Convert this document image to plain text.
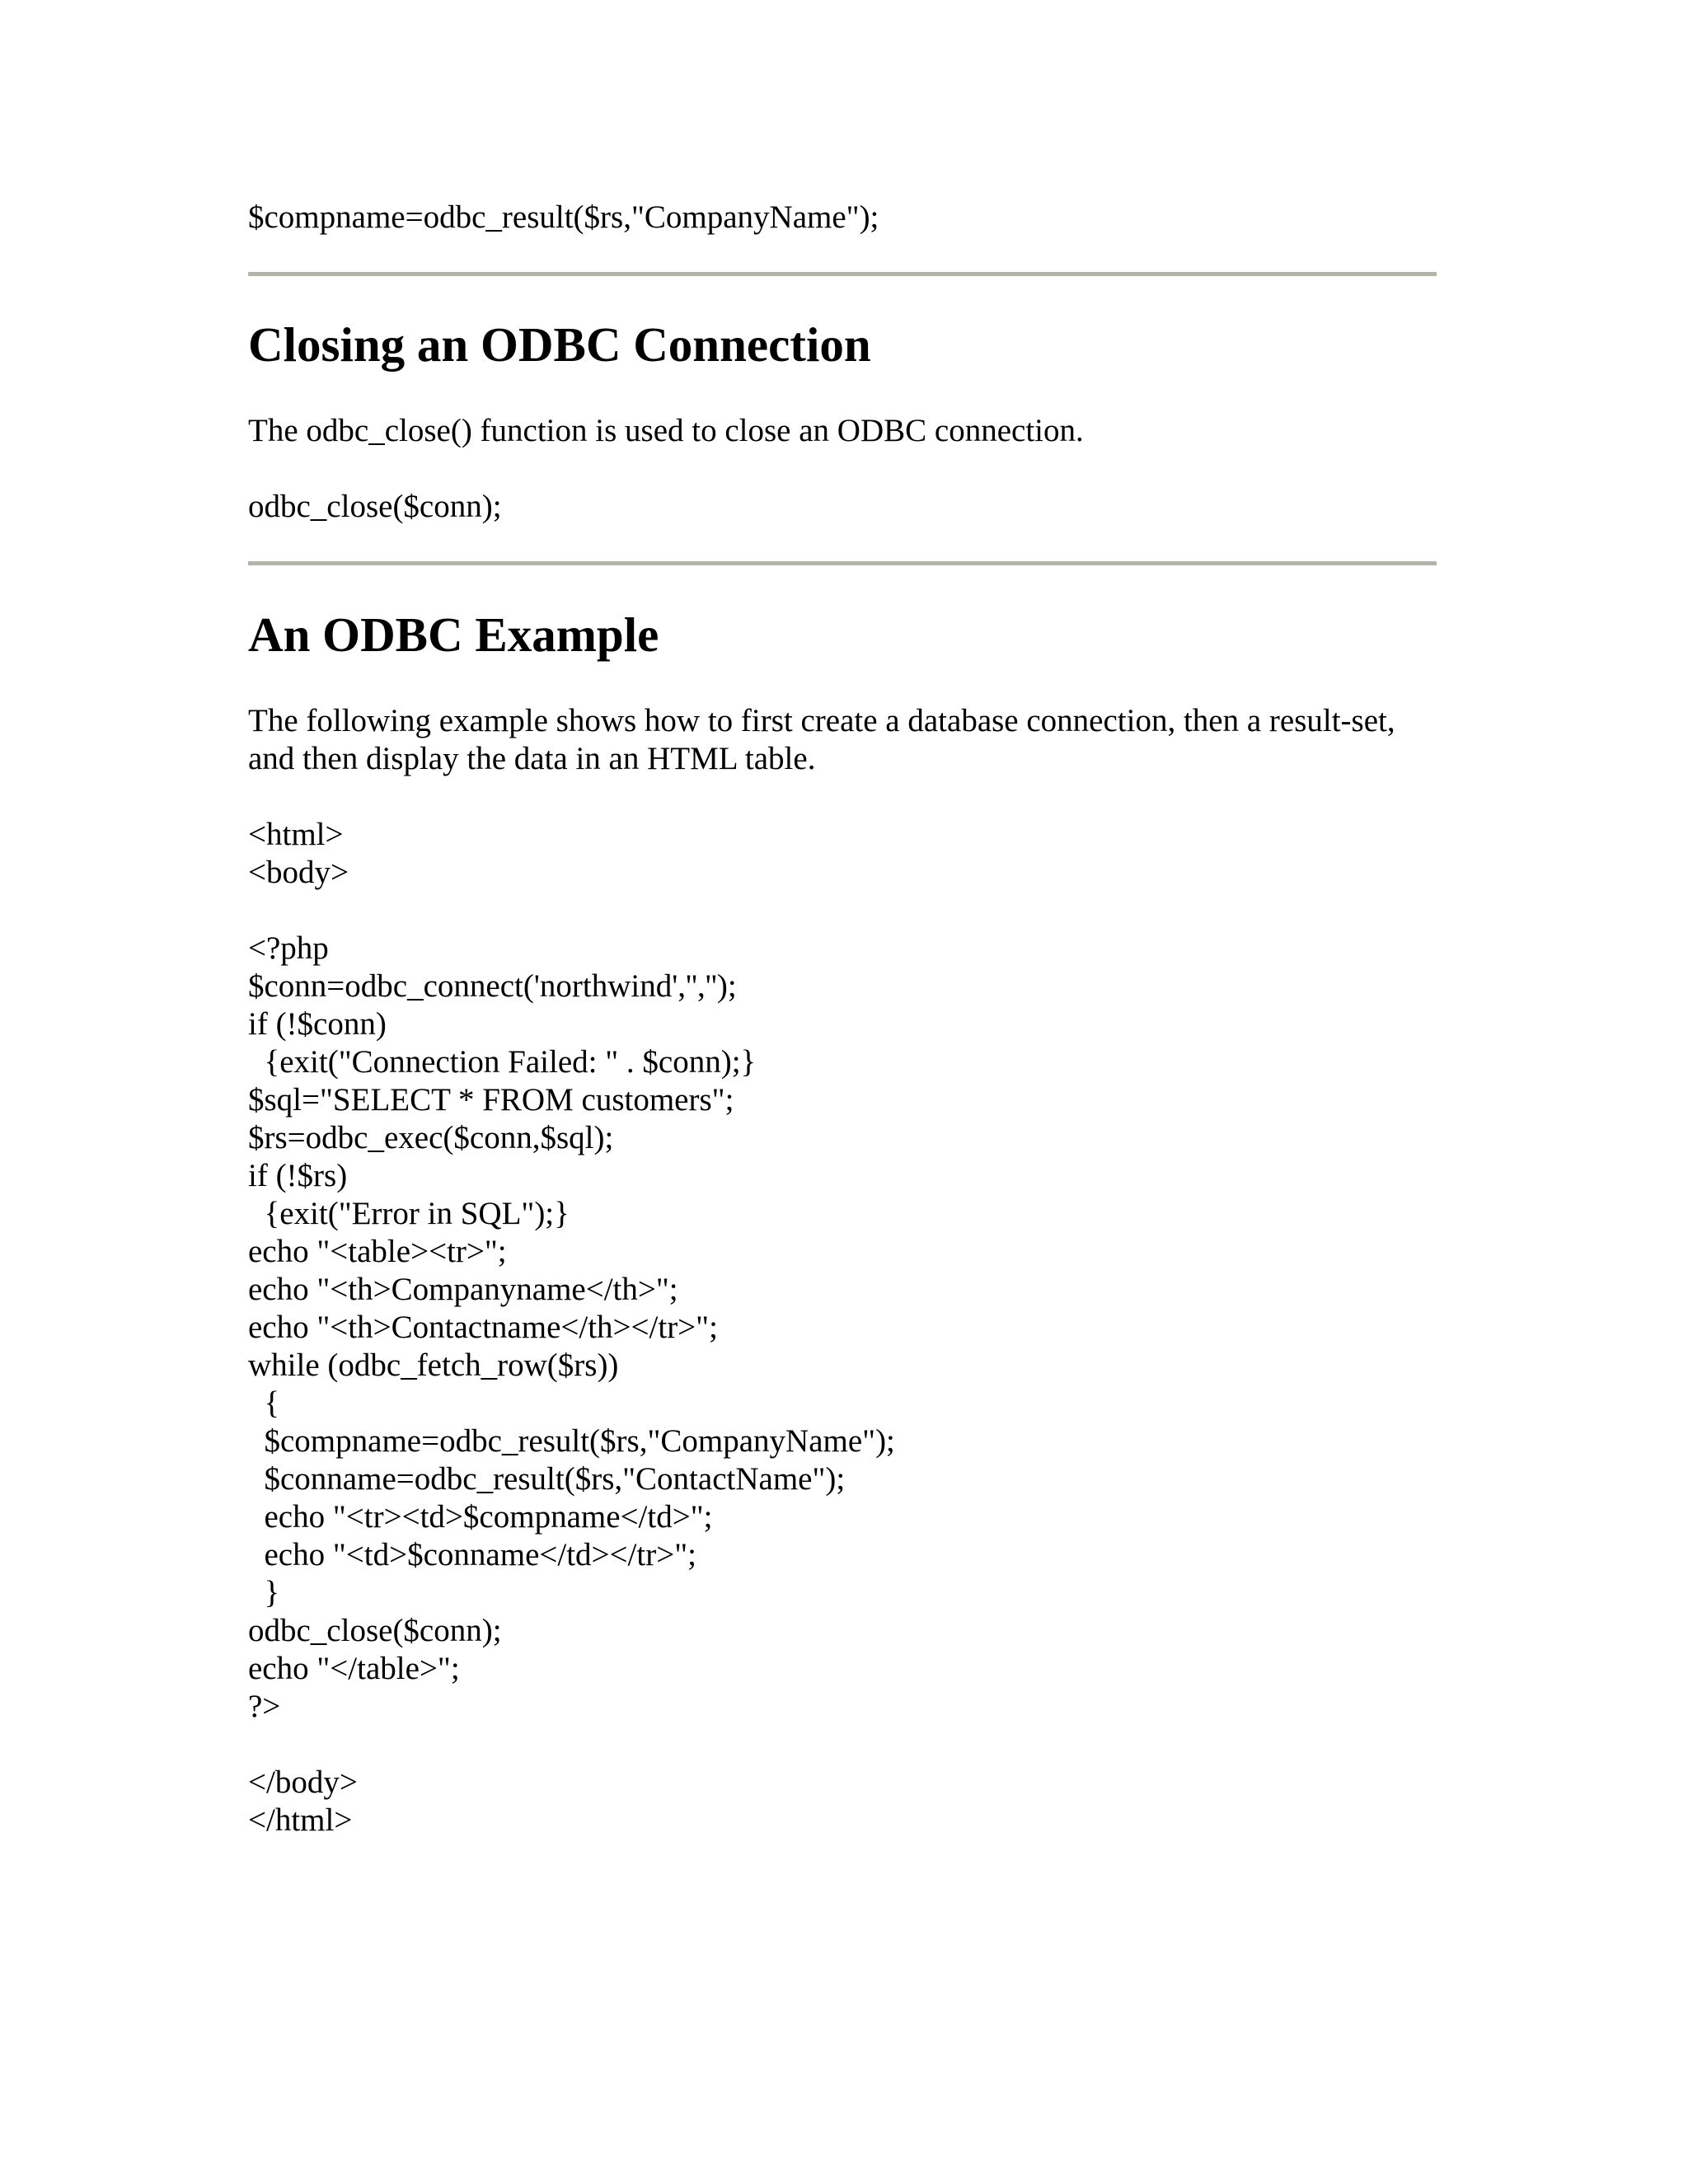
$compname=odbc_result($rs,"CompanyName");
Closing an ODBC Connection
The odbc_close() function is used to close an ODBC connection.
odbc_close($conn);
An ODBC Example
The following example shows how to first create a database connection, then a result-set,
and then display the data in an HTML table.
<html>
<body>
<?php
$conn=odbc_connect('northwind','','');
if (!$conn)
{exit("Connection Failed: " . $conn);}
$sql="SELECT * FROM customers";
$rs=odbc_exec($conn,$sql);
if (!$rs)
{exit("Error in SQL");}
echo "<table><tr>";
echo "<th>Companyname</th>";
echo "<th>Contactname</th></tr>";
while (odbc_fetch_row($rs))
{
$compname=odbc_result($rs,"CompanyName");
$conname=odbc_result($rs,"ContactName");
echo "<tr><td>$compname</td>";
echo "<td>$conname</td></tr>";
}
odbc_close($conn);
echo "</table>";
?>
</body>
</html>
